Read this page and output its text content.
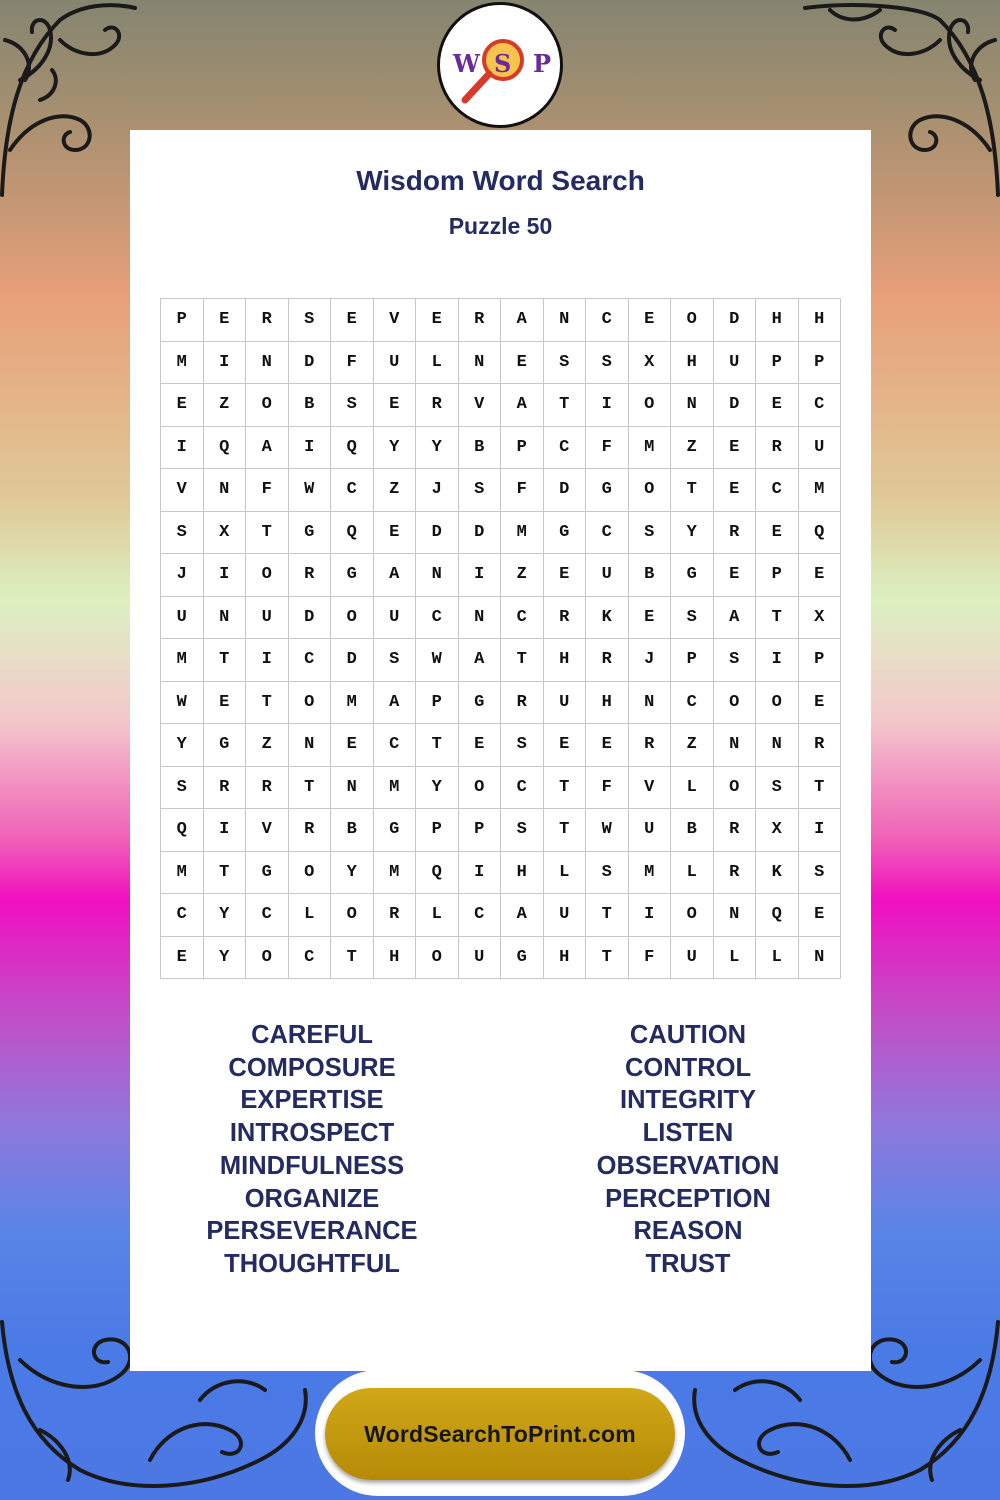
W S P
Wisdom Word Search
Puzzle 50
P	E	R	S	E	V	E	R	A	N	C	E	O	D	H	H
M	I	N	D	F	U	L	N	E	S	S	X	H	U	P	P
E	Z	O	B	S	E	R	V	A	T	I	O	N	D	E	C
I	Q	A	I	Q	Y	Y	B	P	C	F	M	Z	E	R	U
V	N	F	W	C	Z	J	S	F	D	G	O	T	E	C	M
S	X	T	G	Q	E	D	D	M	G	C	S	Y	R	E	Q
J	I	O	R	G	A	N	I	Z	E	U	B	G	E	P	E
U	N	U	D	O	U	C	N	C	R	K	E	S	A	T	X
M	T	I	C	D	S	W	A	T	H	R	J	P	S	I	P
W	E	T	O	M	A	P	G	R	U	H	N	C	O	O	E
Y	G	Z	N	E	C	T	E	S	E	E	R	Z	N	N	R
S	R	R	T	N	M	Y	O	C	T	F	V	L	O	S	T
Q	I	V	R	B	G	P	P	S	T	W	U	B	R	X	I
M	T	G	O	Y	M	Q	I	H	L	S	M	L	R	K	S
C	Y	C	L	O	R	L	C	A	U	T	I	O	N	Q	E
E	Y	O	C	T	H	O	U	G	H	T	F	U	L	L	N
CAREFUL
COMPOSURE
EXPERTISE
INTROSPECT
MINDFULNESS
ORGANIZE
PERSEVERANCE
THOUGHTFUL
CAUTION
CONTROL
INTEGRITY
LISTEN
OBSERVATION
PERCEPTION
REASON
TRUST
WordSearchToPrint.com
